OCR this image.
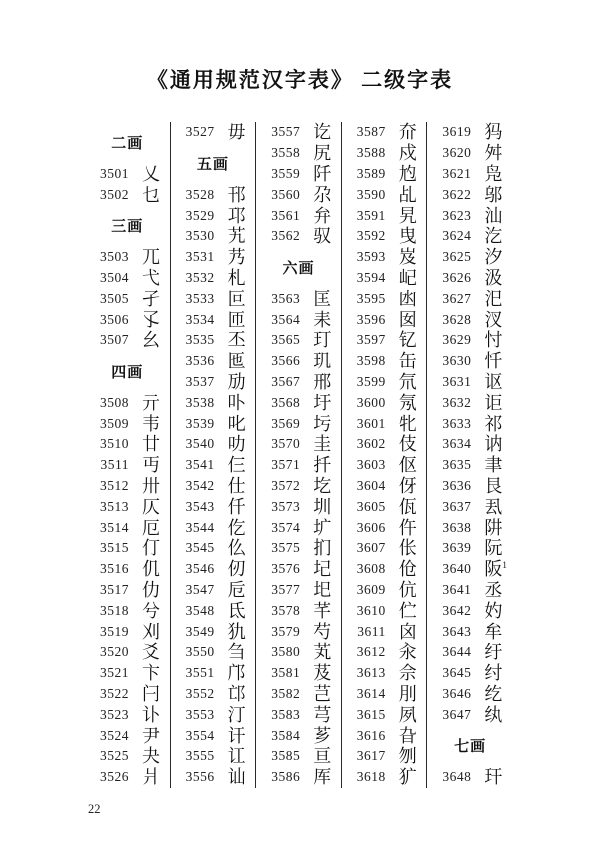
《通用规范汉字表》 二级字表
二画
3501 乂
3502 乜
三画
3503 兀
3504 弋
3505 孑
3506 孓
3507 幺
四画
3508 亓
3509 韦
3510 廿
3511 丏
3512 卅
3513 仄
3514 厄
3515 仃
3516 仉
3517 仂
3518 兮
3519 刈
3520 爻
3521 卞
3522 闩
3523 讣
3524 尹
3525 夬
3526 爿
3527 毋
五画
3528 邗
3529 邛
3530 艽
3531 艿
3532 札
3533 叵
3534 匝
3535 丕
3536 匜
3537 劢
3538 卟
3539 叱
3540 叻
3541 仨
3542 仕
3543 仟
3544 仡
3545 仫
3546 仞
3547 卮
3548 氐
3549 犰
3550 刍
3551 邝
3552 邙
3553 汀
3554 讦
3555 讧
3556 讪
3557 讫
3558 尻
3559 阡
3560 尕
3561 弁
3562 驭
六画
3563 匡
3564 耒
3565 玎
3566 玑
3567 邢
3568 圩
3569 圬
3570 圭
3571 扦
3572 圪
3573 圳
3574 圹
3575 扪
3576 圮
3577 圯
3578 芊
3579 芍
3580 芄
3581 芨
3582 芑
3583 芎
3584 芗
3585 亘
3586 厍
3587 夼
3588 戍
3589 尥
3590 乩
3591 旯
3592 曳
3593 岌
3594 屺
3595 凼
3596 囡
3597 钇
3598 缶
3599 氘
3600 氖
3601 牝
3602 伎
3603 伛
3604 伢
3605 佤
3606 仵
3607 伥
3608 伧
3609 伉
3610 伫
3611 囟
3612 汆
3613 佘
3614 刖
3615 夙
3616 旮
3617 刎
3618 犷
3619 犸
3620 舛
3621 凫
3622 邬
3623 汕
3624 汔
3625 汐
3626 汲
3627 汜
3628 汊
3629 忖
3630 忏
3631 讴
3632 讵
3633 祁
3634 讷
3635 聿
3636 艮
3637 厾
3638 阱
3639 阮
3640 阪$^1$
3641 丞
3642 妁
3643 牟
3644 纡
3645 纣
3646 纥
3647 纨
七画
3648 玕
22
